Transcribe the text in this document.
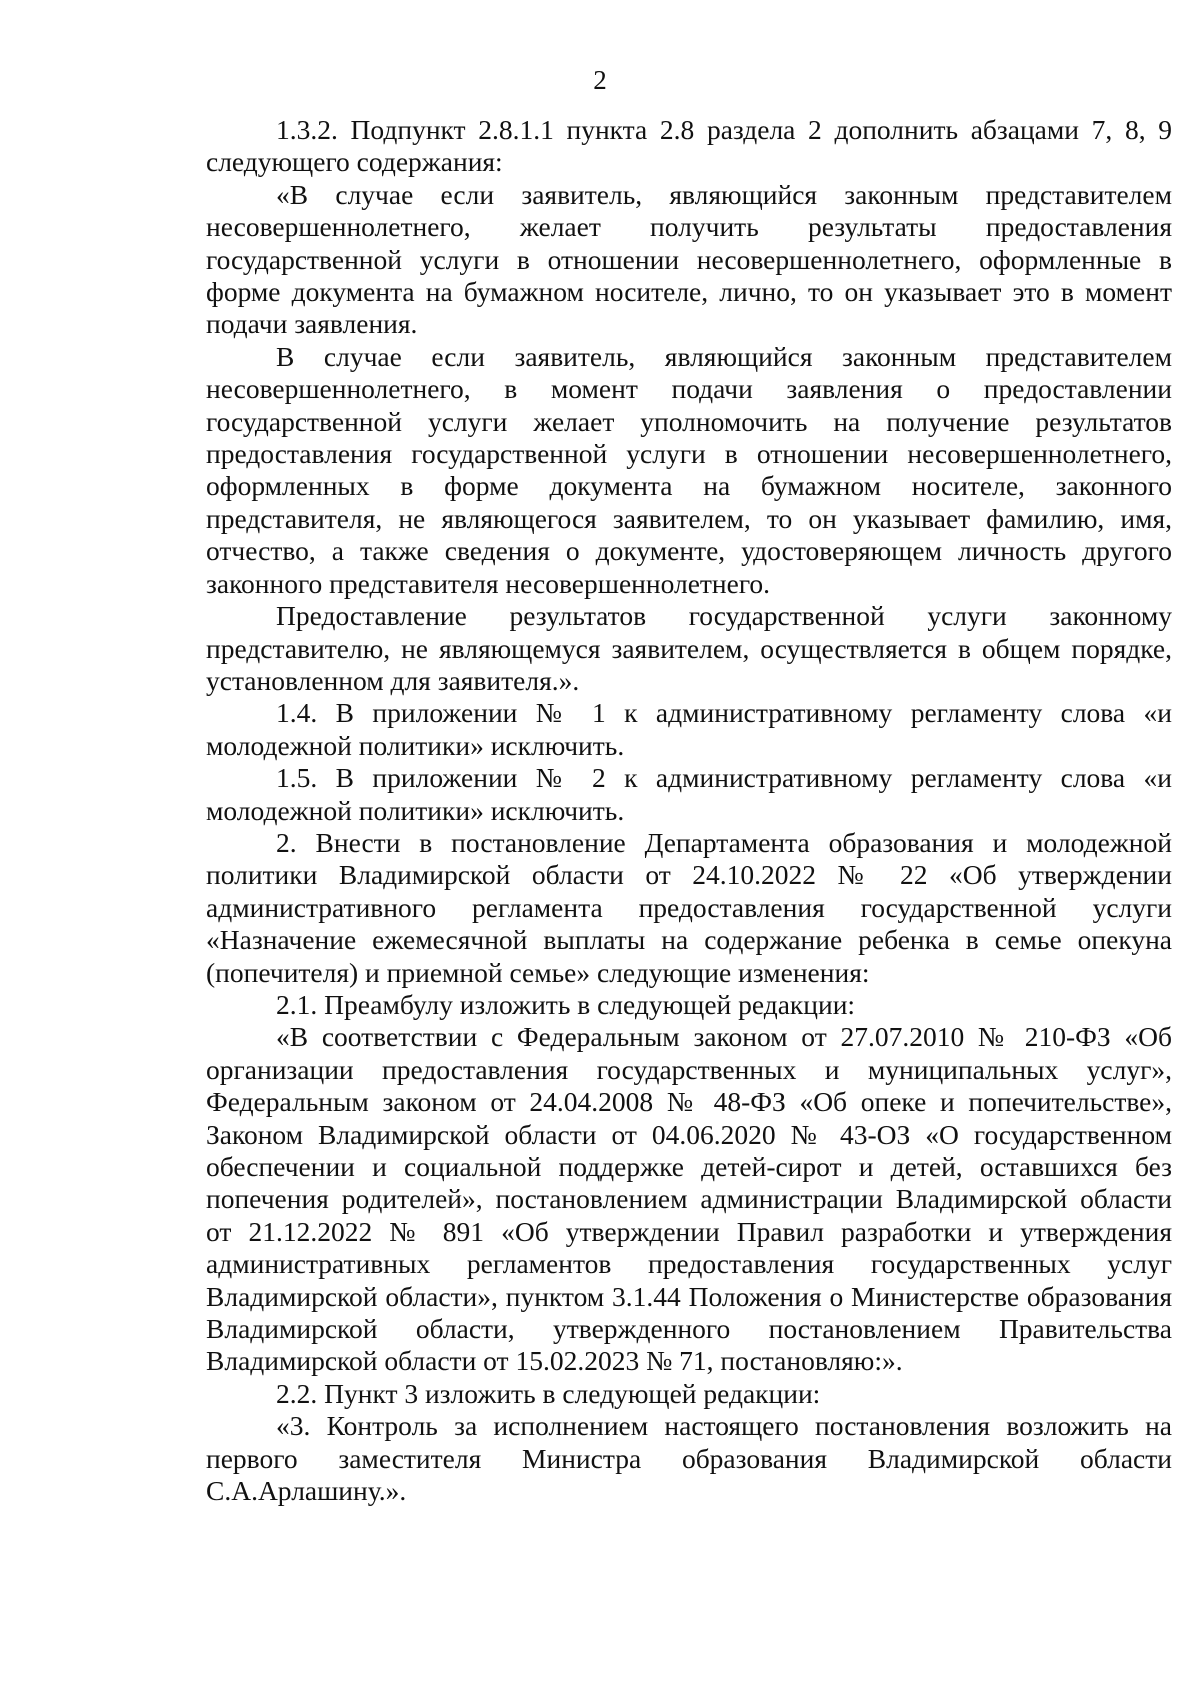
2

1.3.2. Подпункт 2.8.1.1 пункта 2.8 раздела 2 дополнить абзацами 7, 8, 9 следующего содержания:

«В случае если заявитель, являющийся законным представителем несовершеннолетнего, желает получить результаты предоставления государственной услуги в отношении несовершеннолетнего, оформленные в форме документа на бумажном носителе, лично, то он указывает это в момент подачи заявления.

В случае если заявитель, являющийся законным представителем несовершеннолетнего, в момент подачи заявления о предоставлении государственной услуги желает уполномочить на получение результатов предоставления государственной услуги в отношении несовершеннолетнего, оформленных в форме документа на бумажном носителе, законного представителя, не являющегося заявителем, то он указывает фамилию, имя, отчество, а также сведения о документе, удостоверяющем личность другого законного представителя несовершеннолетнего.

Предоставление результатов государственной услуги законному представителю, не являющемуся заявителем, осуществляется в общем порядке, установленном для заявителя.».

1.4. В приложении № 1 к административному регламенту слова «и молодежной политики» исключить.

1.5. В приложении № 2 к административному регламенту слова «и молодежной политики» исключить.

2. Внести в постановление Департамента образования и молодежной политики Владимирской области от 24.10.2022 № 22 «Об утверждении административного регламента предоставления государственной услуги «Назначение ежемесячной выплаты на содержание ребенка в семье опекуна (попечителя) и приемной семье» следующие изменения:

2.1. Преамбулу изложить в следующей редакции:

«В соответствии с Федеральным законом от 27.07.2010 № 210-ФЗ «Об организации предоставления государственных и муниципальных услуг», Федеральным законом от 24.04.2008 № 48-ФЗ «Об опеке и попечительстве», Законом Владимирской области от 04.06.2020 № 43-ОЗ «О государственном обеспечении и социальной поддержке детей-сирот и детей, оставшихся без попечения родителей», постановлением администрации Владимирской области от 21.12.2022 № 891 «Об утверждении Правил разработки и утверждения административных регламентов предоставления государственных услуг Владимирской области», пунктом 3.1.44 Положения о Министерстве образования Владимирской области, утвержденного постановлением Правительства Владимирской области от 15.02.2023 № 71, постановляю:».

2.2. Пункт 3 изложить в следующей редакции:

«3. Контроль за исполнением настоящего постановления возложить на первого заместителя Министра образования Владимирской области С.А.Арлашину.».
